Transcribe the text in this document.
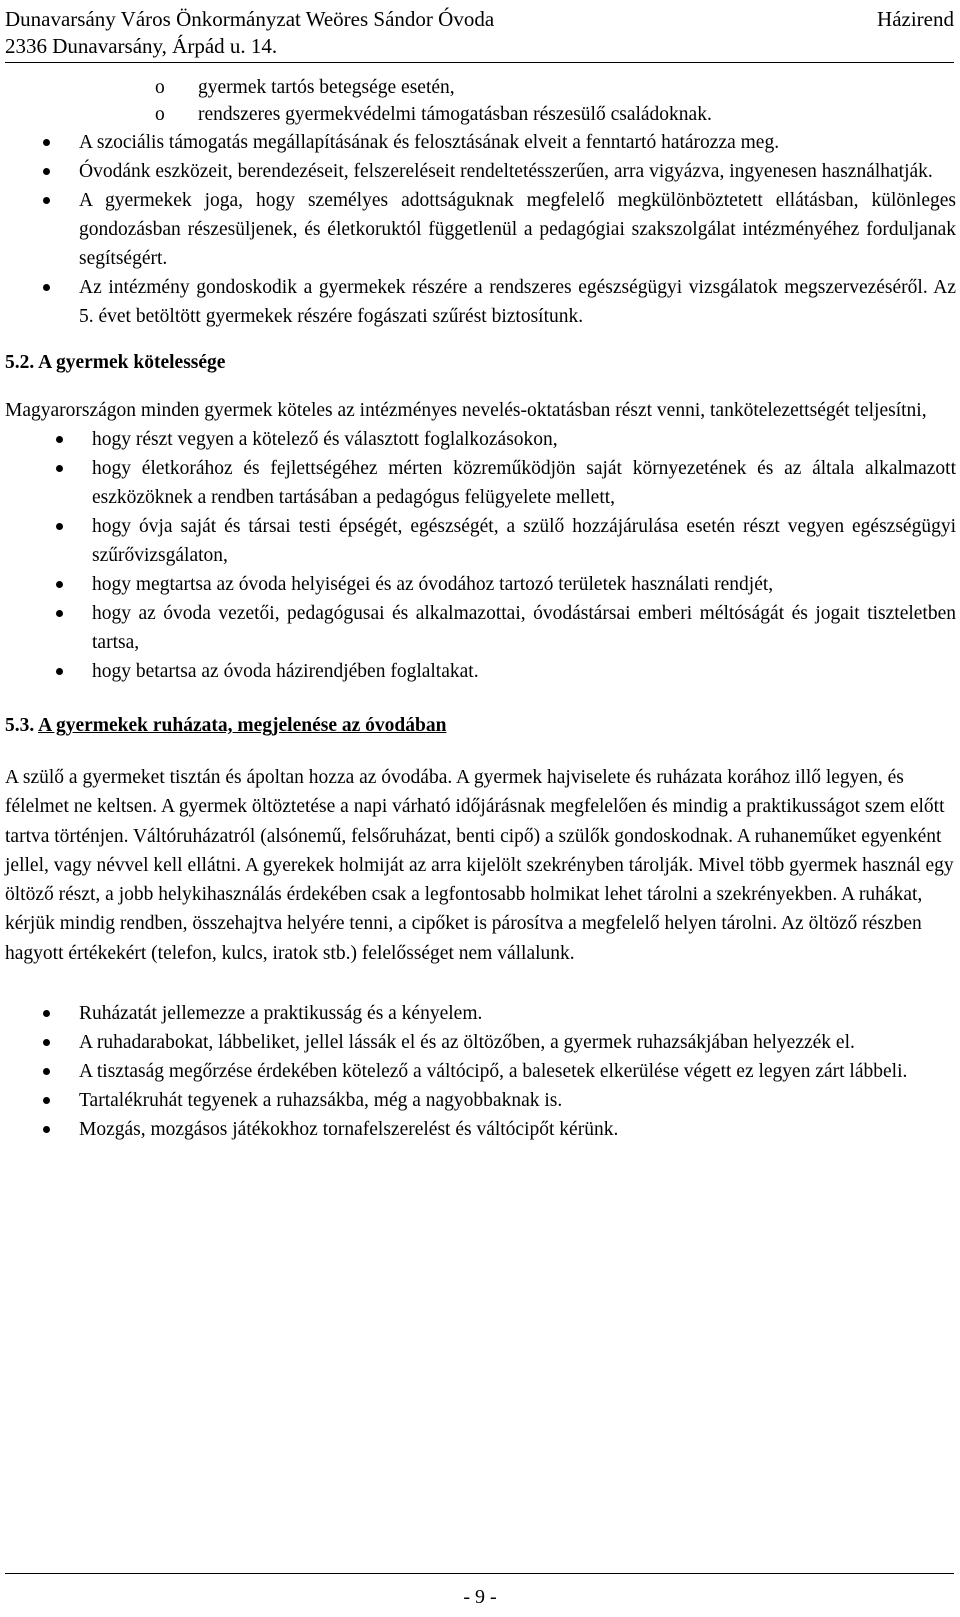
Dunavarsány Város Önkormányzat Weöres Sándor Óvoda
2336 Dunavarsány, Árpád u. 14.
Házirend
o gyermek tartós betegsége esetén,
o rendszeres gyermekvédelmi támogatásban részesülő családoknak.
A szociális támogatás megállapításának és felosztásának elveit a fenntartó határozza meg.
Óvodánk eszközeit, berendezéseit, felszereléseit rendeltetésszerűen, arra vigyázva, ingyenesen használhatják.
A gyermekek joga, hogy személyes adottságuknak megfelelő megkülönböztetett ellátásban, különleges gondozásban részesüljenek, és életkoruktól függetlenül a pedagógiai szakszolgálat intézményéhez forduljanak segítségért.
Az intézmény gondoskodik a gyermekek részére a rendszeres egészségügyi vizsgálatok megszervezéséről. Az 5. évet betöltött gyermekek részére fogászati szűrést biztosítunk.
5.2. A gyermek kötelessége

Magyarországon minden gyermek köteles az intézményes nevelés-oktatásban részt venni, tankötelezettségét teljesítni,

hogy részt vegyen a kötelező és választott foglalkozásokon,
hogy életkorához és fejlettségéhez mérten közreműködjön saját környezetének és az általa alkalmazott eszközöknek a rendben tartásában a pedagógus felügyelete mellett,
hogy óvja saját és társai testi épségét, egészségét, a szülő hozzájárulása esetén részt vegyen egészségügyi szűrővizsgálaton,
hogy megtartsa az óvoda helyiségei és az óvodához tartozó területek használati rendjét,
hogy az óvoda vezetői, pedagógusai és alkalmazottai, óvodástársai emberi méltóságát és jogait tiszteletben tartsa,
hogy betartsa az óvoda házirendjében foglaltakat.
5.3. A gyermekek ruházata, megjelenése az óvodában

A szülő a gyermeket tisztán és ápoltan hozza az óvodába. A gyermek hajviselete és ruházata korához illő legyen, és félelmet ne keltsen. A gyermek öltöztetése a napi várható időjárásnak megfelelően és mindig a praktikusságot szem előtt tartva történjen. Váltóruházatról (alsónemű, felsőruházat, benti cipő) a szülők gondoskodnak. A ruhaneműket egyenként jellel, vagy névvel kell ellátni. A gyerekek holmiját az arra kijelölt szekrényben tárolják. Mivel több gyermek használ egy öltöző részt, a jobb helykihasználás érdekében csak a legfontosabb holmikat lehet tárolni a szekrényekben. A ruhákat, kérjük mindig rendben, összehajtva helyére tenni, a cipőket is párosítva a megfelelő helyen tárolni. Az öltöző részben hagyott értékekért (telefon, kulcs, iratok stb.) felelősséget nem vállalunk.

Ruházatát jellemezze a praktikusság és a kényelem.
A ruhadarabokat, lábbeliket, jellel lássák el és az öltözőben, a gyermek ruhazsákjában helyezzék el.
A tisztaság megőrzése érdekében kötelező a váltócipő, a balesetek elkerülése végett ez legyen zárt lábbeli.
Tartalékruhát tegyenek a ruhazsákba, még a nagyobbaknak is.
Mozgás, mozgásos játékokhoz tornafelszerelést és váltócipőt kérünk.
- 9 -
